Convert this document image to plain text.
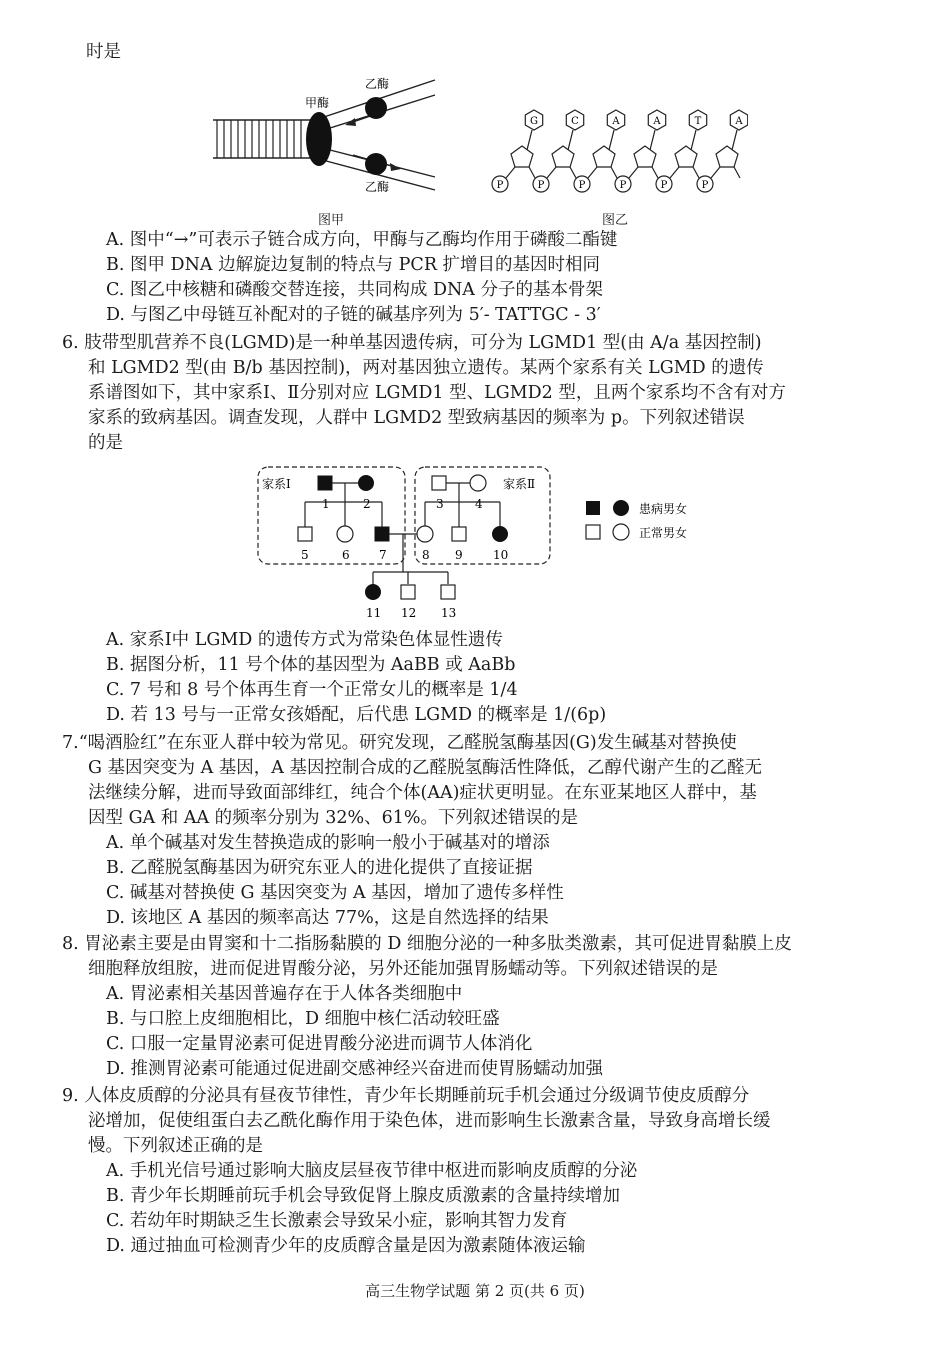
时是
甲酶
乙酶
乙酶
图甲
P
G
P
C
P
A
P
A
P
T
P
A
图乙
A. 图中“→”可表示子链合成方向，甲酶与乙酶均作用于磷酸二酯键
B. 图甲 DNA 边解旋边复制的特点与 PCR 扩增目的基因时相同
C. 图乙中核糖和磷酸交替连接，共同构成 DNA 分子的基本骨架
D. 与图乙中母链互补配对的子链的碱基序列为 5′- TATTGC - 3′
6. 肢带型肌营养不良(LGMD)是一种单基因遗传病，可分为 LGMD1 型(由 A/a 基因控制)
和 LGMD2 型(由 B/b 基因控制)，两对基因独立遗传。某两个家系有关 LGMD 的遗传
系谱图如下，其中家系Ⅰ、Ⅱ分别对应 LGMD1 型、LGMD2 型，且两个家系均不含有对方
家系的致病基因。调查发现，人群中 LGMD2 型致病基因的频率为 p。下列叙述错误
的是
家系Ⅰ	家系Ⅱ
1	2	3	4
5	6 7	8 9	10
11 12 13
患病男女
正常男女
A. 家系Ⅰ中 LGMD 的遗传方式为常染色体显性遗传
B. 据图分析，11 号个体的基因型为 AaBB 或 AaBb
C. 7 号和 8 号个体再生育一个正常女儿的概率是 1/4
D. 若 13 号与一正常女孩婚配，后代患 LGMD 的概率是 1/(6p)
7.“喝酒脸红”在东亚人群中较为常见。研究发现，乙醛脱氢酶基因(G)发生碱基对替换使
G 基因突变为 A 基因，A 基因控制合成的乙醛脱氢酶活性降低，乙醇代谢产生的乙醛无
法继续分解，进而导致面部绯红，纯合个体(AA)症状更明显。在东亚某地区人群中，基
因型 GA 和 AA 的频率分别为 32%、61%。下列叙述错误的是
A. 单个碱基对发生替换造成的影响一般小于碱基对的增添
B. 乙醛脱氢酶基因为研究东亚人的进化提供了直接证据
C. 碱基对替换使 G 基因突变为 A 基因，增加了遗传多样性
D. 该地区 A 基因的频率高达 77%，这是自然选择的结果
8. 胃泌素主要是由胃窦和十二指肠黏膜的 D 细胞分泌的一种多肽类激素，其可促进胃黏膜上皮
细胞释放组胺，进而促进胃酸分泌，另外还能加强胃肠蠕动等。下列叙述错误的是
A. 胃泌素相关基因普遍存在于人体各类细胞中
B. 与口腔上皮细胞相比，D 细胞中核仁活动较旺盛
C. 口服一定量胃泌素可促进胃酸分泌进而调节人体消化
D. 推测胃泌素可能通过促进副交感神经兴奋进而使胃肠蠕动加强
9. 人体皮质醇的分泌具有昼夜节律性，青少年长期睡前玩手机会通过分级调节使皮质醇分
泌增加，促使组蛋白去乙酰化酶作用于染色体，进而影响生长激素含量，导致身高增长缓
慢。下列叙述正确的是
A. 手机光信号通过影响大脑皮层昼夜节律中枢进而影响皮质醇的分泌
B. 青少年长期睡前玩手机会导致促肾上腺皮质激素的含量持续增加
C. 若幼年时期缺乏生长激素会导致呆小症，影响其智力发育
D. 通过抽血可检测青少年的皮质醇含量是因为激素随体液运输
高三生物学试题 第 2 页(共 6 页)
